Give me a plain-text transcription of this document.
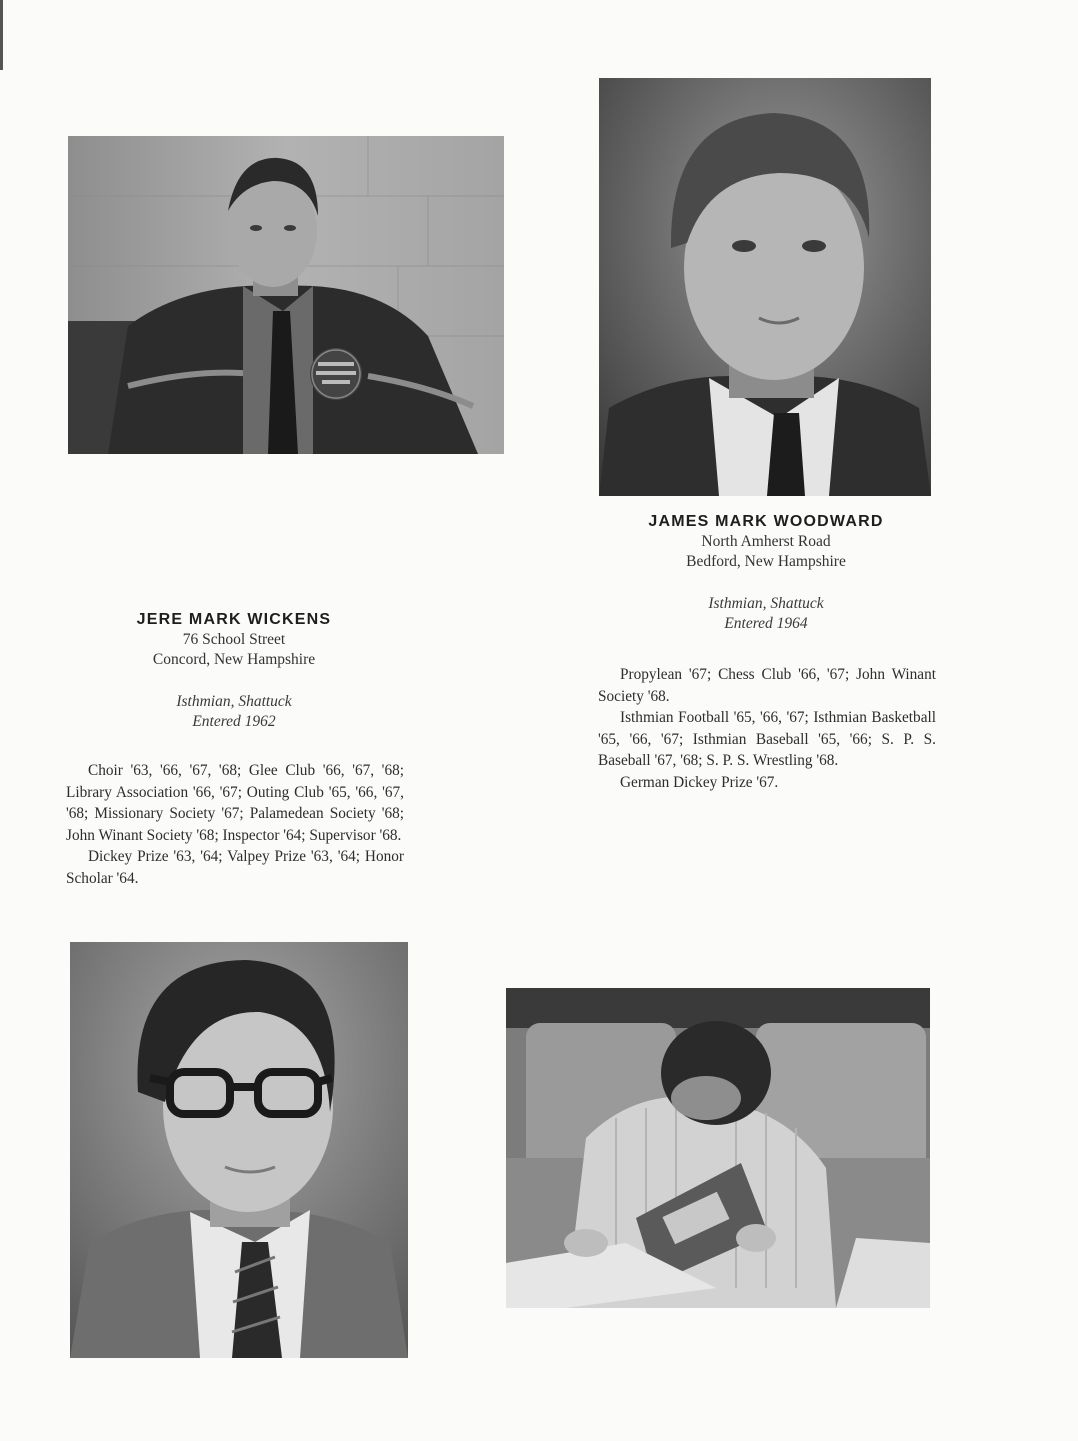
JAMES MARK WOODWARD
North Amherst Road
Bedford, New Hampshire
Isthmian, Shattuck
Entered 1964

Propylean '67; Chess Club '66, '67; John Winant Society '68.

Isthmian Football '65, '66, '67; Isthmian Basketball '65, '66, '67; Isthmian Baseball '65, '66; S. P. S. Baseball '67, '68; S. P. S. Wrestling '68.

German Dickey Prize '67.

JERE MARK WICKENS
76 School Street
Concord, New Hampshire
Isthmian, Shattuck
Entered 1962

Choir '63, '66, '67, '68; Glee Club '66, '67, '68; Library Association '66, '67; Outing Club '65, '66, '67, '68; Missionary Society '67; Palamedean Society '68; John Winant Society '68; Inspector '64; Supervisor '68.

Dickey Prize '63, '64; Valpey Prize '63, '64; Honor Scholar '64.
